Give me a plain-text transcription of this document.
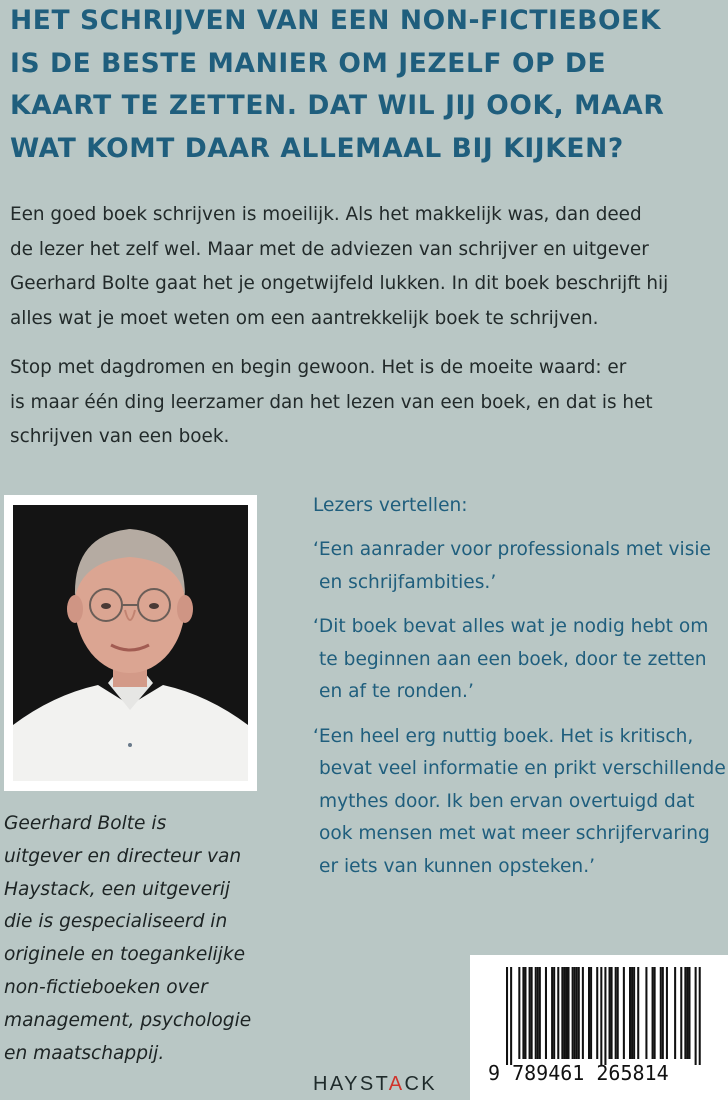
HET SCHRIJVEN VAN EEN NON-FICTIEBOEK
IS DE BESTE MANIER OM JEZELF OP DE
KAART TE ZETTEN. DAT WIL JIJ OOK, MAAR
WAT KOMT DAAR ALLEMAAL BIJ KIJKEN?

Een goed boek schrijven is moeilijk. Als het makkelijk was, dan deed
de lezer het zelf wel. Maar met de adviezen van schrijver en uitgever
Geerhard Bolte gaat het je ongetwijfeld lukken. In dit boek beschrijft hij
alles wat je moet weten om een aantrekkelijk boek te schrijven.

Stop met dagdromen en begin gewoon. Het is de moeite waard: er
is maar één ding leerzamer dan het lezen van een boek, en dat is het
schrijven van een boek.

Geerhard Bolte is
uitgever en directeur van
Haystack, een uitgeverij
die is gespecialiseerd in
originele en toegankelijke
non-fictieboeken over
management, psychologie
en maatschappij.

Lezers vertellen:

‘Een aanrader voor professionals met visie
en schrijfambities.’

‘Dit boek bevat alles wat je nodig hebt om
te beginnen aan een boek, door te zetten
en af te ronden.’

‘Een heel erg nuttig boek. Het is kritisch,
bevat veel informatie en prikt verschillende
mythes door. Ik ben ervan overtuigd dat
ook mensen met wat meer schrijfervaring
er iets van kunnen opsteken.’

9 789461 265814
HAYSTACK
